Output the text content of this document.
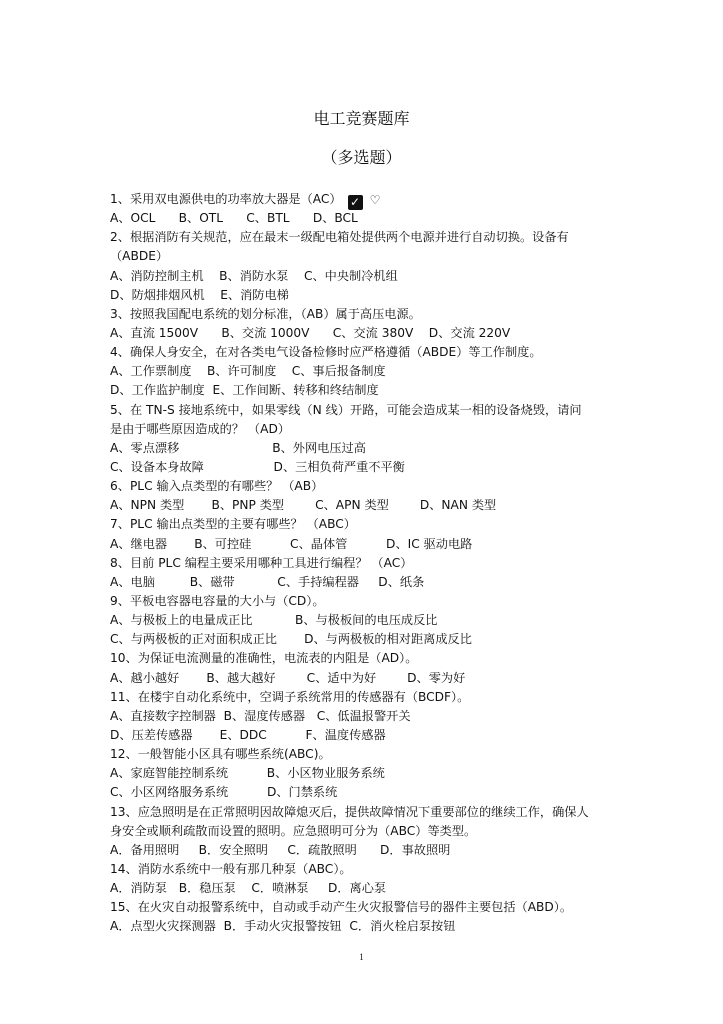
电工竞赛题库
（多选题）
1、采用双电源供电的功率放大器是（AC） ✓ ♡
A、OCL      B、OTL      C、BTL      D、BCL
2、根据消防有关规范，应在最末一级配电箱处提供两个电源并进行自动切换。设备有
（ABDE）
A、消防控制主机    B、消防水泵    C、中央制冷机组
D、防烟排烟风机    E、消防电梯
3、按照我国配电系统的划分标准，（AB）属于高压电源。
A、直流 1500V      B、交流 1000V      C、交流 380V    D、交流 220V
4、确保人身安全，在对各类电气设备检修时应严格遵循（ABDE）等工作制度。
A、工作票制度    B、许可制度    C、事后报备制度
D、工作监护制度  E、工作间断、转移和终结制度
5、在 TN-S 接地系统中，如果零线（N 线）开路，可能会造成某一相的设备烧毁，请问
是由于哪些原因造成的？ （AD）
A、零点漂移                        B、外网电压过高
C、设备本身故障                  D、三相负荷严重不平衡
6、PLC 输入点类型的有哪些？ （AB）
A、NPN 类型       B、PNP 类型        C、APN 类型        D、NAN 类型
7、PLC 输出点类型的主要有哪些？ （ABC）
A、继电器       B、可控硅          C、晶体管          D、IC 驱动电路
8、目前 PLC 编程主要采用哪种工具进行编程？ （AC）
A、电脑         B、磁带           C、手持编程器     D、纸条
9、平板电容器电容量的大小与（CD）。
A、与极板上的电量成正比           B、与极板间的电压成反比
C、与两极板的正对面积成正比       D、与两极板的相对距离成反比
10、为保证电流测量的准确性，电流表的内阻是（AD）。
A、越小越好       B、越大越好        C、适中为好        D、零为好
11、在楼宇自动化系统中，空调子系统常用的传感器有（BCDF）。
A、直接数字控制器  B、湿度传感器   C、低温报警开关
D、压差传感器       E、DDC          F、温度传感器
12、一般智能小区具有哪些系统(ABC)。
A、家庭智能控制系统          B、小区物业服务系统
C、小区网络服务系统          D、门禁系统
13、应急照明是在正常照明因故障熄灭后，提供故障情况下重要部位的继续工作，确保人
身安全或顺利疏散而设置的照明。应急照明可分为（ABC）等类型。
A．备用照明     B．安全照明     C．疏散照明      D．事故照明
14、消防水系统中一般有那几种泵（ABC）。
A．消防泵   B．稳压泵    C．喷淋泵     D．离心泵
15、在火灾自动报警系统中，自动或手动产生火灾报警信号的器件主要包括（ABD）。
A．点型火灾探测器  B．手动火灾报警按钮  C．消火栓启泵按钮
1
